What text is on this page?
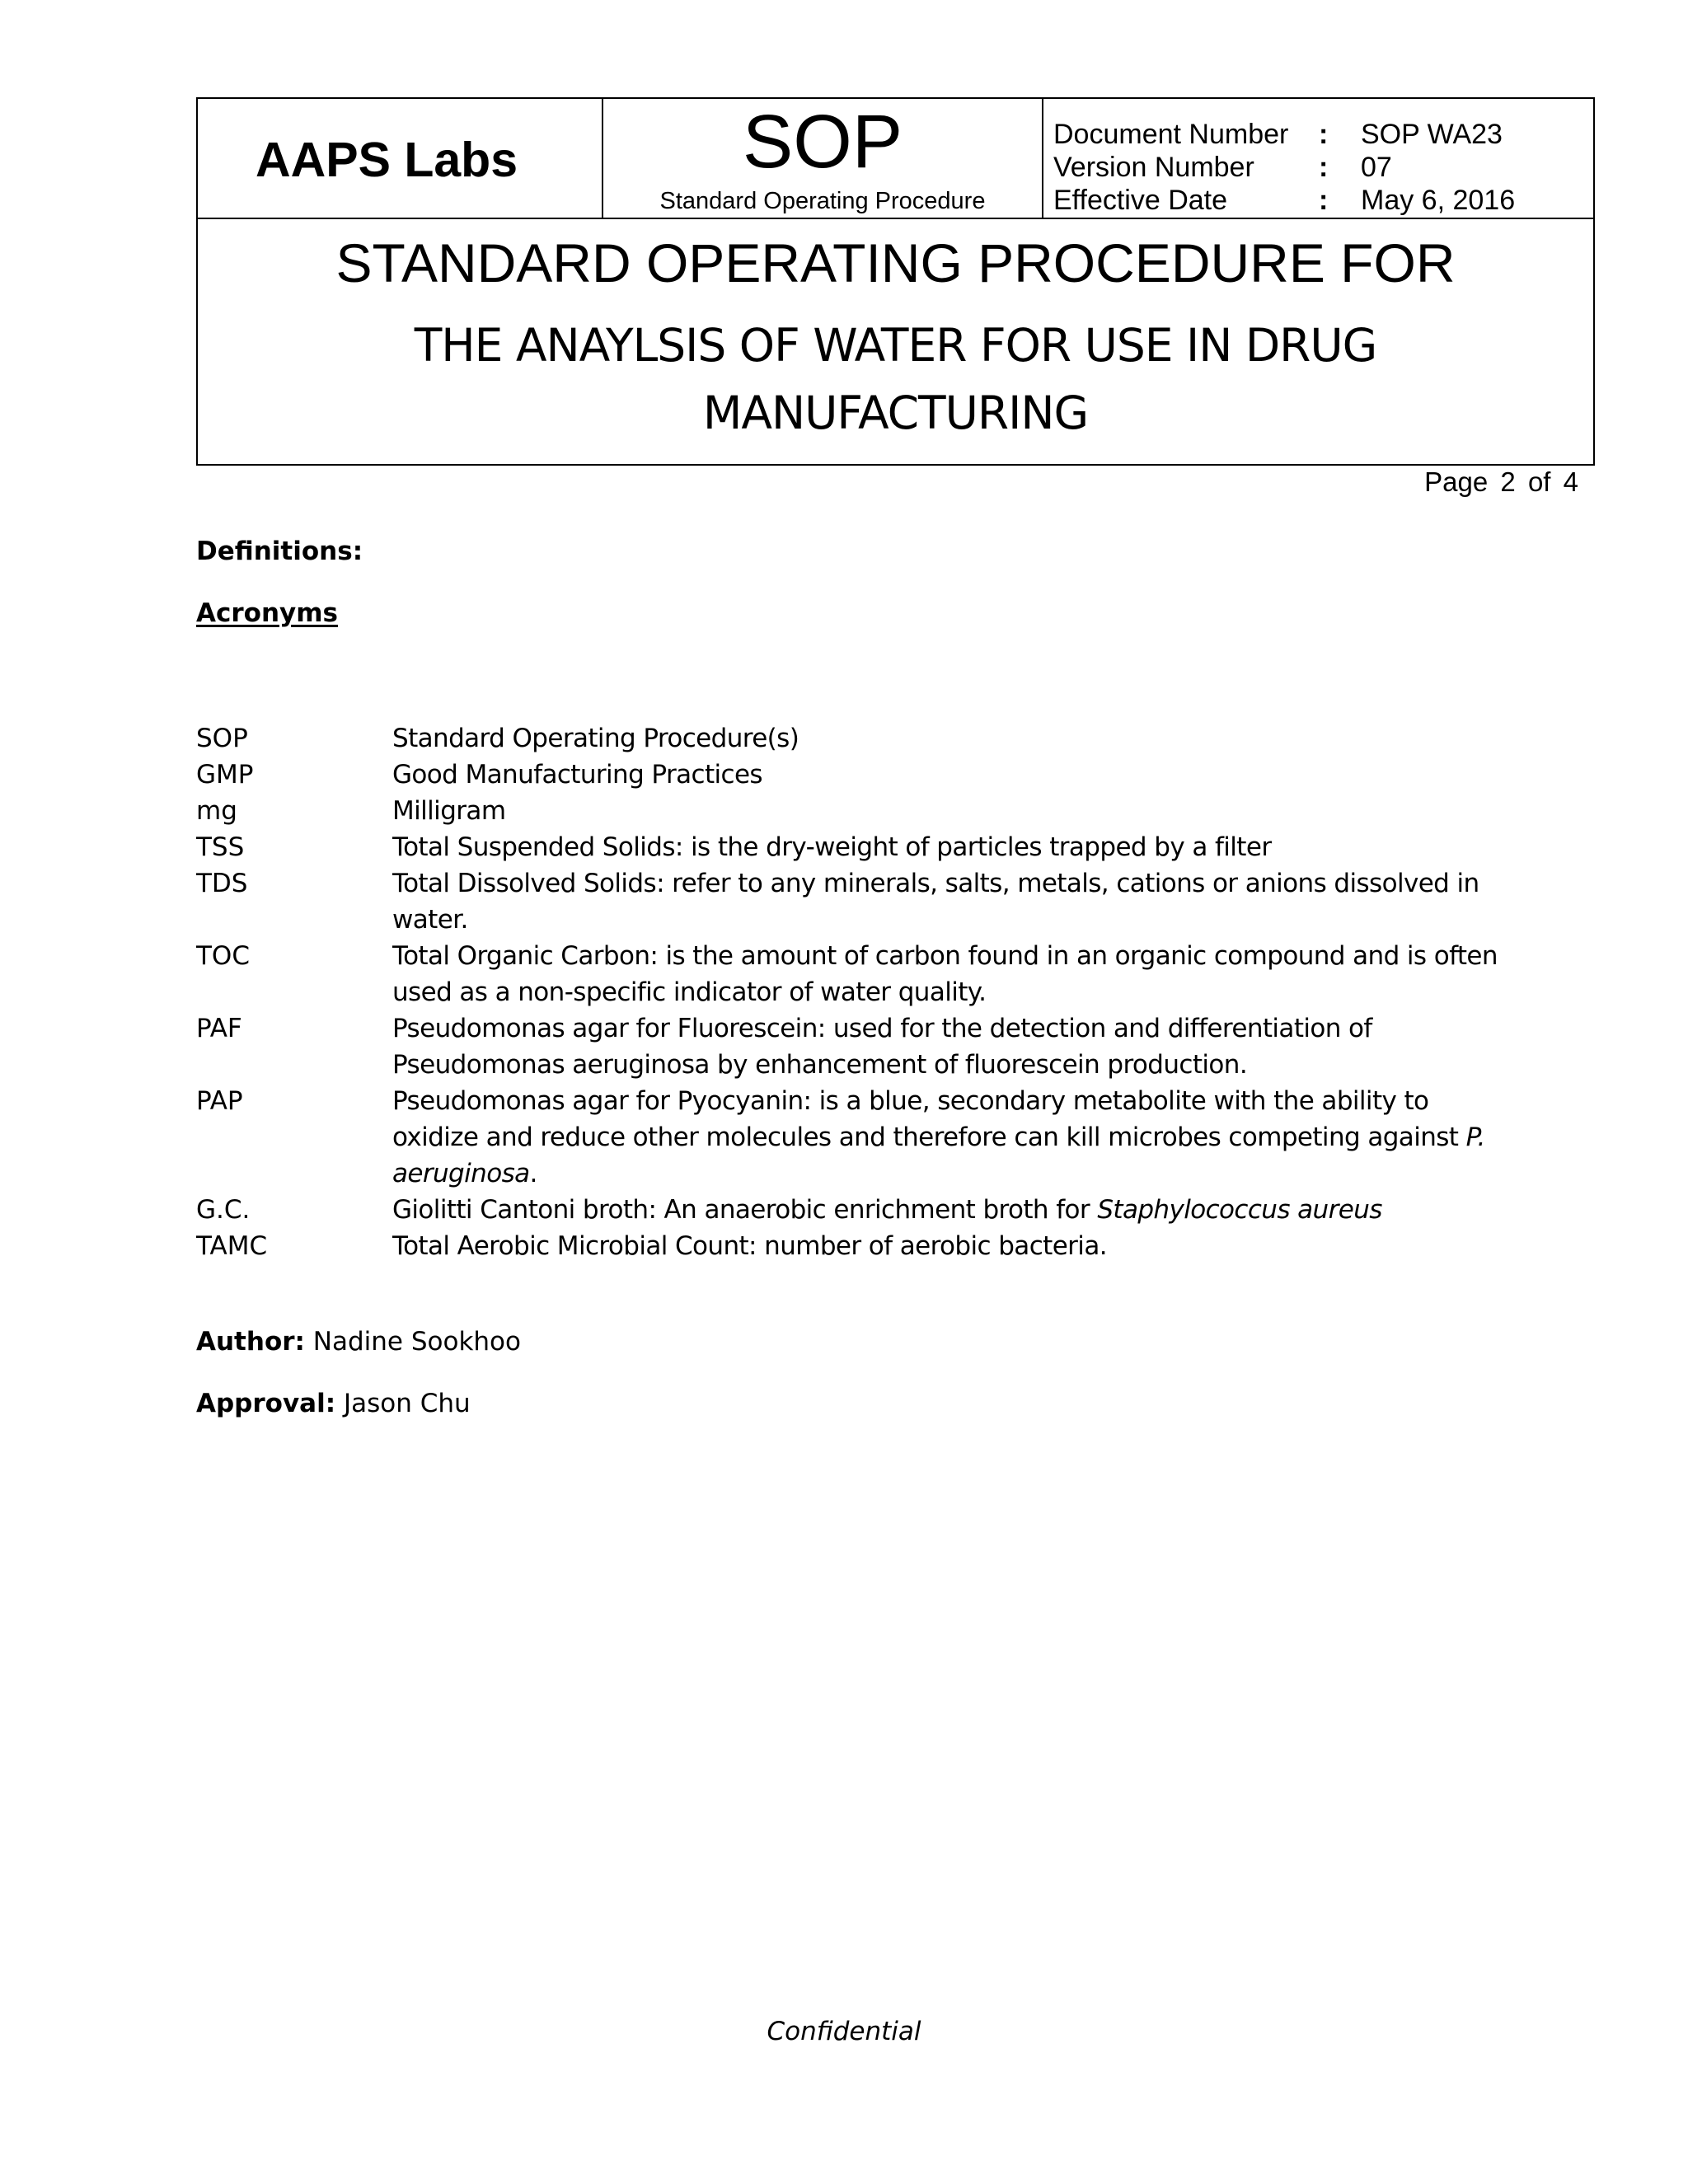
AAPS Labs	SOP
Standard Operating Procedure
Document Number : SOP WA23
Version Number : 07
Effective Date	: May 6, 2016
STANDARD OPERATING PROCEDURE FOR
THE ANAYLSIS OF WATER FOR USE IN DRUG
MANUFACTURING
Page 2 of 4
Definitions:
Acronyms
SOP	Standard Operating Procedure(s)
GMP	Good Manufacturing Practices
mg	Milligram
TSS	Total Suspended Solids: is the dry-weight of particles trapped by a filter
TDS	Total Dissolved Solids: refer to any minerals, salts, metals, cations or anions dissolved in water.
TOC	Total Organic Carbon: is the amount of carbon found in an organic compound and is often used as a non-specific indicator of water quality.
PAF	Pseudomonas agar for Fluorescein: used for the detection and differentiation of Pseudomonas aeruginosa by enhancement of fluorescein production.
PAP	Pseudomonas agar for Pyocyanin: is a blue, secondary metabolite with the ability to oxidize and reduce other molecules and therefore can kill microbes competing against P. aeruginosa.
G.C.	Giolitti Cantoni broth: An anaerobic enrichment broth for Staphylococcus aureus
TAMC	Total Aerobic Microbial Count: number of aerobic bacteria.
Author: Nadine Sookhoo
Approval: Jason Chu
Confidential
